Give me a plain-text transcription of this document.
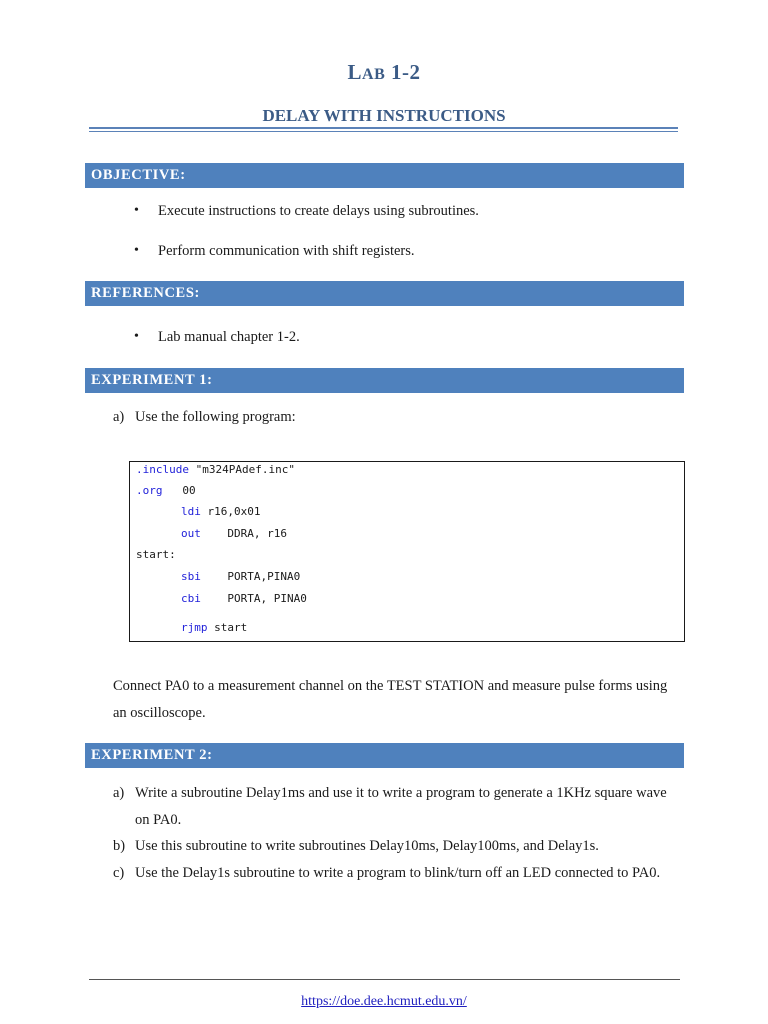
LAB 1-2
DELAY WITH INSTRUCTIONS
OBJECTIVE:
• Execute instructions to create delays using subroutines.
• Perform communication with shift registers.
REFERENCES:
• Lab manual chapter 1-2.
EXPERIMENT 1:
a) Use the following program:
.include "m324PAdef.inc"
.org   00
ldi r16,0x01
out    DDRA, r16
start:
sbi    PORTA,PINA0
cbi    PORTA, PINA0
rjmp start
Connect PA0 to a measurement channel on the TEST STATION and measure pulse forms using an oscilloscope.
EXPERIMENT 2:
a) Write a subroutine Delay1ms and use it to write a program to generate a 1KHz square wave on PA0.
b) Use this subroutine to write subroutines Delay10ms, Delay100ms, and Delay1s.
c) Use the Delay1s subroutine to write a program to blink/turn off an LED connected to PA0.
https://doe.dee.hcmut.edu.vn/
